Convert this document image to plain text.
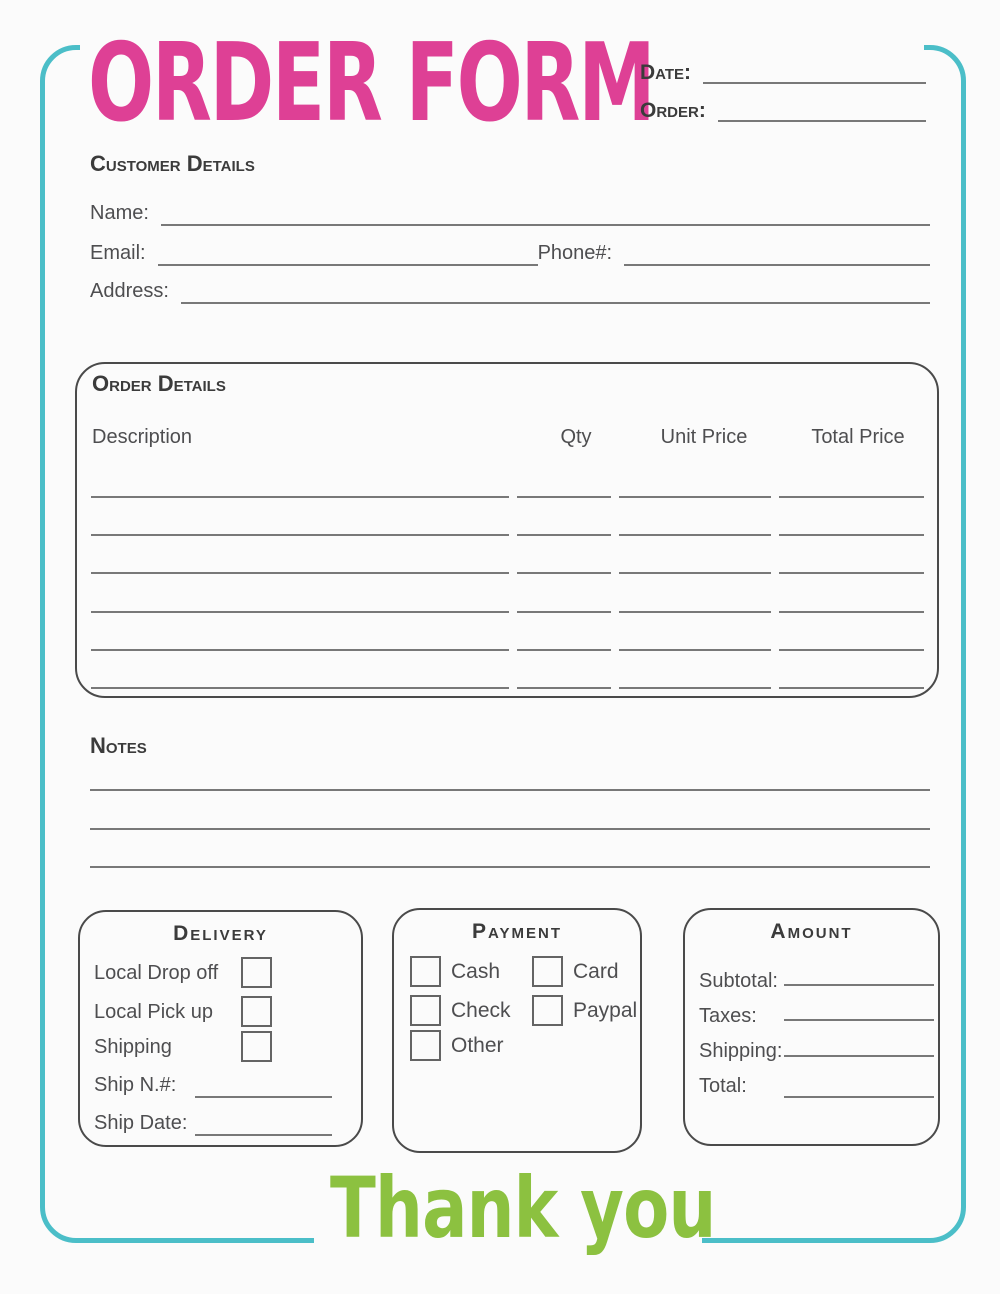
ORDER FORM
Date:
Order:
Customer Details
Name:
Email:	Phone#:
Address:
Order Details
Description	Qty	Unit Price	Total Price
Notes
Delivery
Local Drop off
Local Pick up
Shipping
Ship N.#:
Ship Date:
Payment
Cash	Card
Check	Paypal
Other
Amount
Subtotal:
Taxes:
Shipping:
Total:
Thank you
